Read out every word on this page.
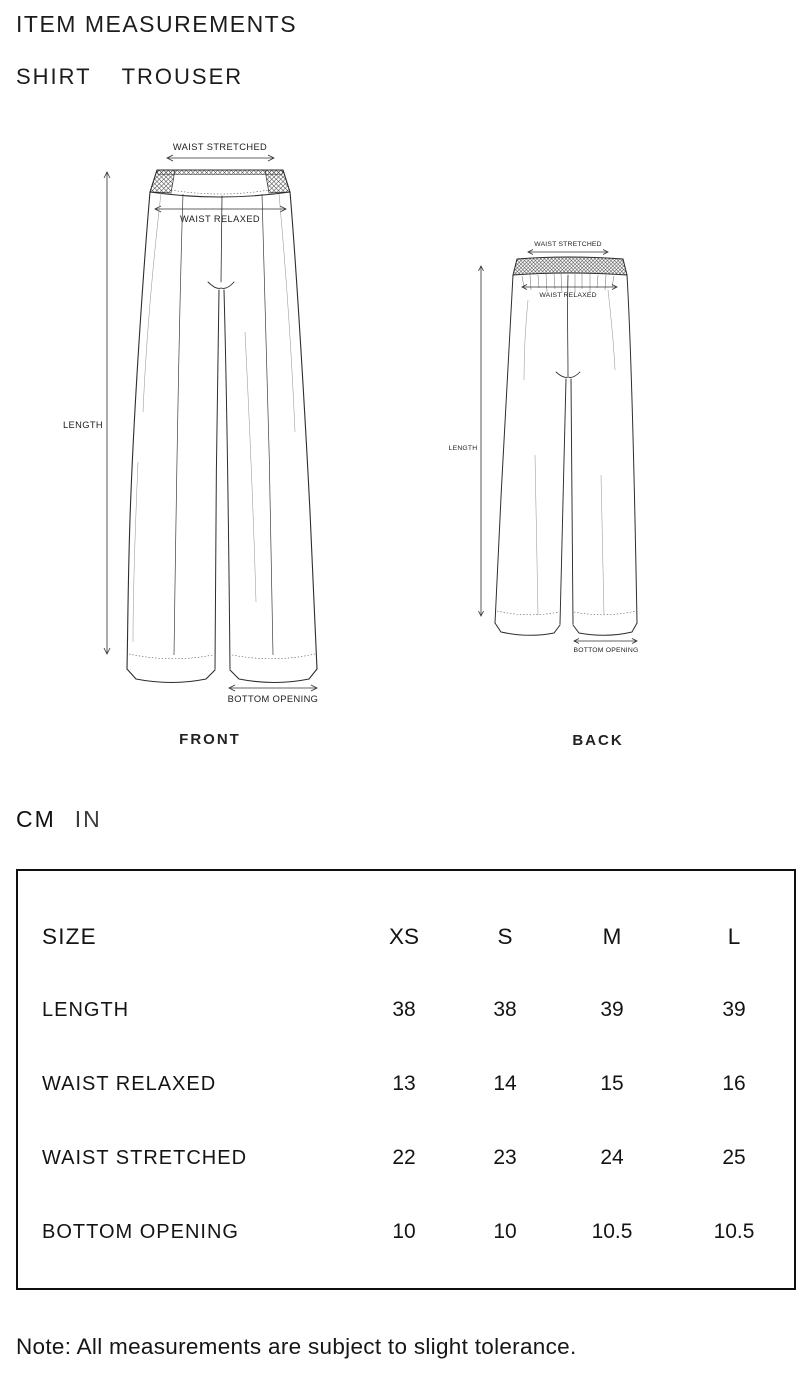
ITEM MEASUREMENTS
SHIRT TROUSER
WAIST STRETCHED
WAIST RELAXED
LENGTH
BOTTOM OPENING
FRONT
WAIST STRETCHED
WAIST RELAXED
LENGTH
BOTTOM OPENING
BACK
CM IN
SIZE	XS	S	M	L
LENGTH	38	38	39	39
WAIST RELAXED	13	14	15	16
WAIST STRETCHED	22	23	24	25
BOTTOM OPENING	10	10	10.5	10.5
Note: All measurements are subject to slight tolerance.
